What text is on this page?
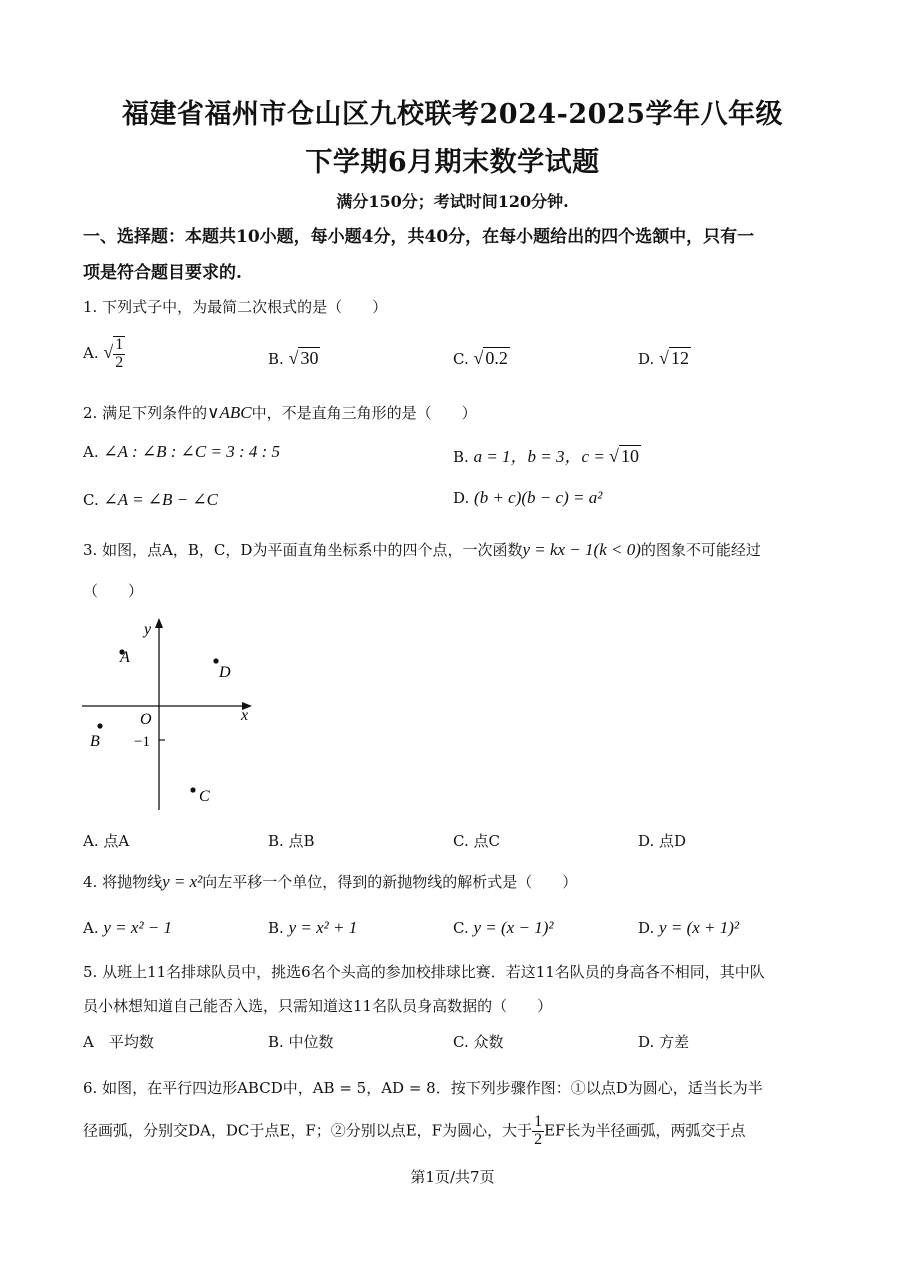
福建省福州市仓山区九校联考2024-2025学年八年级
下学期6月期末数学试题
满分150分；考试时间120分钟.
一、选择题：本题共10小题，每小题4分，共40分，在每小题给出的四个选颔中，只有一
项是符合题目要求的.
1. 下列式子中，为最简二次根式的是（　　）
A. √ $\frac{1}{2}$	B. √ 30	C. √ 0.2	D. √ 12
2. 满足下列条件的∨ABC中，不是直角三角形的是（　　）
A. ∠A : ∠B : ∠C = 3 : 4 : 5	B. a = 1，b = 3，c = √ 10
C. ∠A = ∠B − ∠C	D. (b + c)(b − c) = a²
3. 如图，点A，B，C，D为平面直角坐标系中的四个点，一次函数y = kx − 1(k < 0)的图象不可能经过
（　　）
x
y
O
−1
A
D
B
C
A. 点A	B. 点B	C. 点C	D. 点D
4. 将抛物线y = x²向左平移一个单位，得到的新抛物线的解析式是（　　）
A. y = x² − 1	B. y = x² + 1	C. y = (x − 1)²	D. y = (x + 1)²
5. 从班上11名排球队员中，挑选6名个头高的参加校排球比赛．若这11名队员的身高各不相同，其中队
员小林想知道自己能否入选，只需知道这11名队员身高数据的（　　）
A　平均数	B. 中位数	C. 众数	D. 方差
6. 如图，在平行四边形ABCD中，AB = 5，AD = 8．按下列步骤作图：①以点D为圆心，适当长为半
径画弧，分别交DA，DC于点E，F；②分别以点E，F为圆心，大于 $\frac{1}{2}$ EF长为半径画弧，两弧交于点
第1页/共7页
